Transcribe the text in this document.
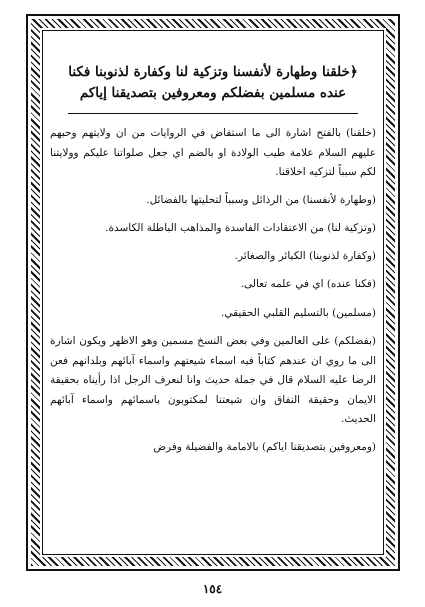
﴿خلقنا وطهارة لأنفسنا وتزكية لنا وكفارة لذنوبنا فكنا
عنده مسلمين بفضلكم ومعروفين بتصديقنا إياكم

(خلقنا) بالفتح اشارة الى ما استفاض في الروايات من ان ولايتهم وحبهم عليهم السلام علامة طيب الولادة او بالضم اي جعل صلواتنا عليكم وولايتنا لكم سبباً لتزكيه اخلاقنا.

(وطهارة لأنفسنا) من الرذائل وسبباً لتحليتها بالفضائل.

(وتزكية لنا) من الاعتقادات الفاسدة والمذاهب الباطلة الكاسدة.

(وكفارة لذنوبنا) الكبائر والصغائر.

(فكنا عنده) اي في علمه تعالى.

(مسلمين) بالتسليم القلبي الحقيقي.

(بفضلكم) على العالمين وفي بعض النسخ مسمين وهو الاظهر ويكون اشارة الى ما روي ان عندهم كتاباً فيه اسماء شيعتهم واسماء آبائهم وبلدانهم فعن الرضا عليه السلام قال في جملة حديث وانا لنعرف الرجل اذا رأيناه بحقيقة الايمان وحقيقة النفاق وان شيعتنا لمكتوبون باسمائهم واسماء آبائهم الحديث.

(ومعروفين بتصديقنا اياكم) بالامامة والفضيلة وفرض

١٥٤
